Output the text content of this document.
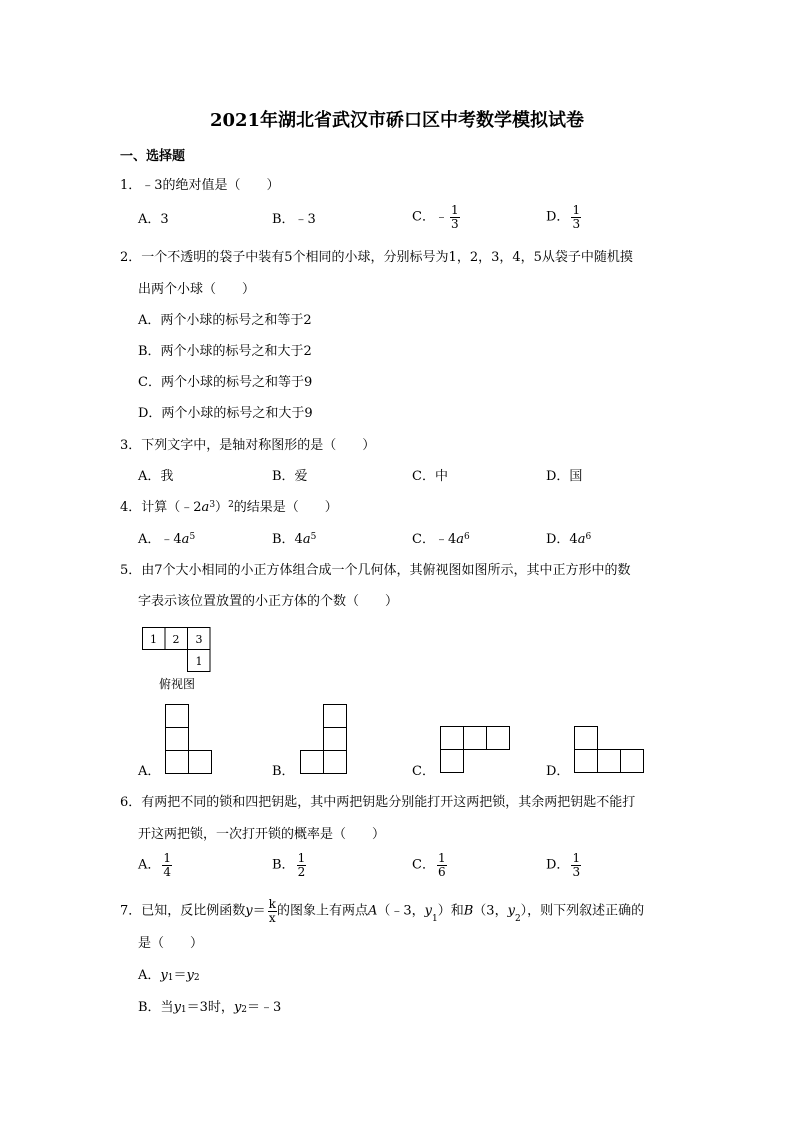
2021年湖北省武汉市硚口区中考数学模拟试卷
一、选择题
1．﹣3的绝对值是（　　）
A．3	B．﹣3	C．﹣ $\frac{1}{3}$	D． $\frac{1}{3}$
2．一个不透明的袋子中装有5个相同的小球，分别标号为1，2，3，4，5从袋子中随机摸
出两个小球（　　）
A．两个小球的标号之和等于2
B．两个小球的标号之和大于2
C．两个小球的标号之和等于9
D．两个小球的标号之和大于9
3．下列文字中，是轴对称图形的是（　　）
A．我	B．爱	C．中	D．国
4．计算$(﹣2a^3)^2$的结果是（　　）
A．$﹣4a^5$	B．$4a^5$	C．$﹣4a^6$	D．$4a^6$
5．由7个大小相同的小正方体组合成一个几何体，其俯视图如图所示，其中正方形中的数
字表示该位置放置的小正方体的个数（　　）
1 2 3
1
俯视图
A．	B．	C．	D．
6．有两把不同的锁和四把钥匙，其中两把钥匙分别能打开这两把锁，其余两把钥匙不能打
开这两把锁，一次打开锁的概率是（　　）
A． $\frac{1}{4}$	B． $\frac{1}{2}$	C． $\frac{1}{6}$	D． $\frac{1}{3}$
7．已知，反比例函数$y= \frac{k}{x}$ 的图象上有两点A（﹣3，$y_1$）和B（3，$y_2$），则下列叙述正确的
是（　　）
A．$y_1=y_2$
B．当$y_1=3$时，$y_2=﹣3$
